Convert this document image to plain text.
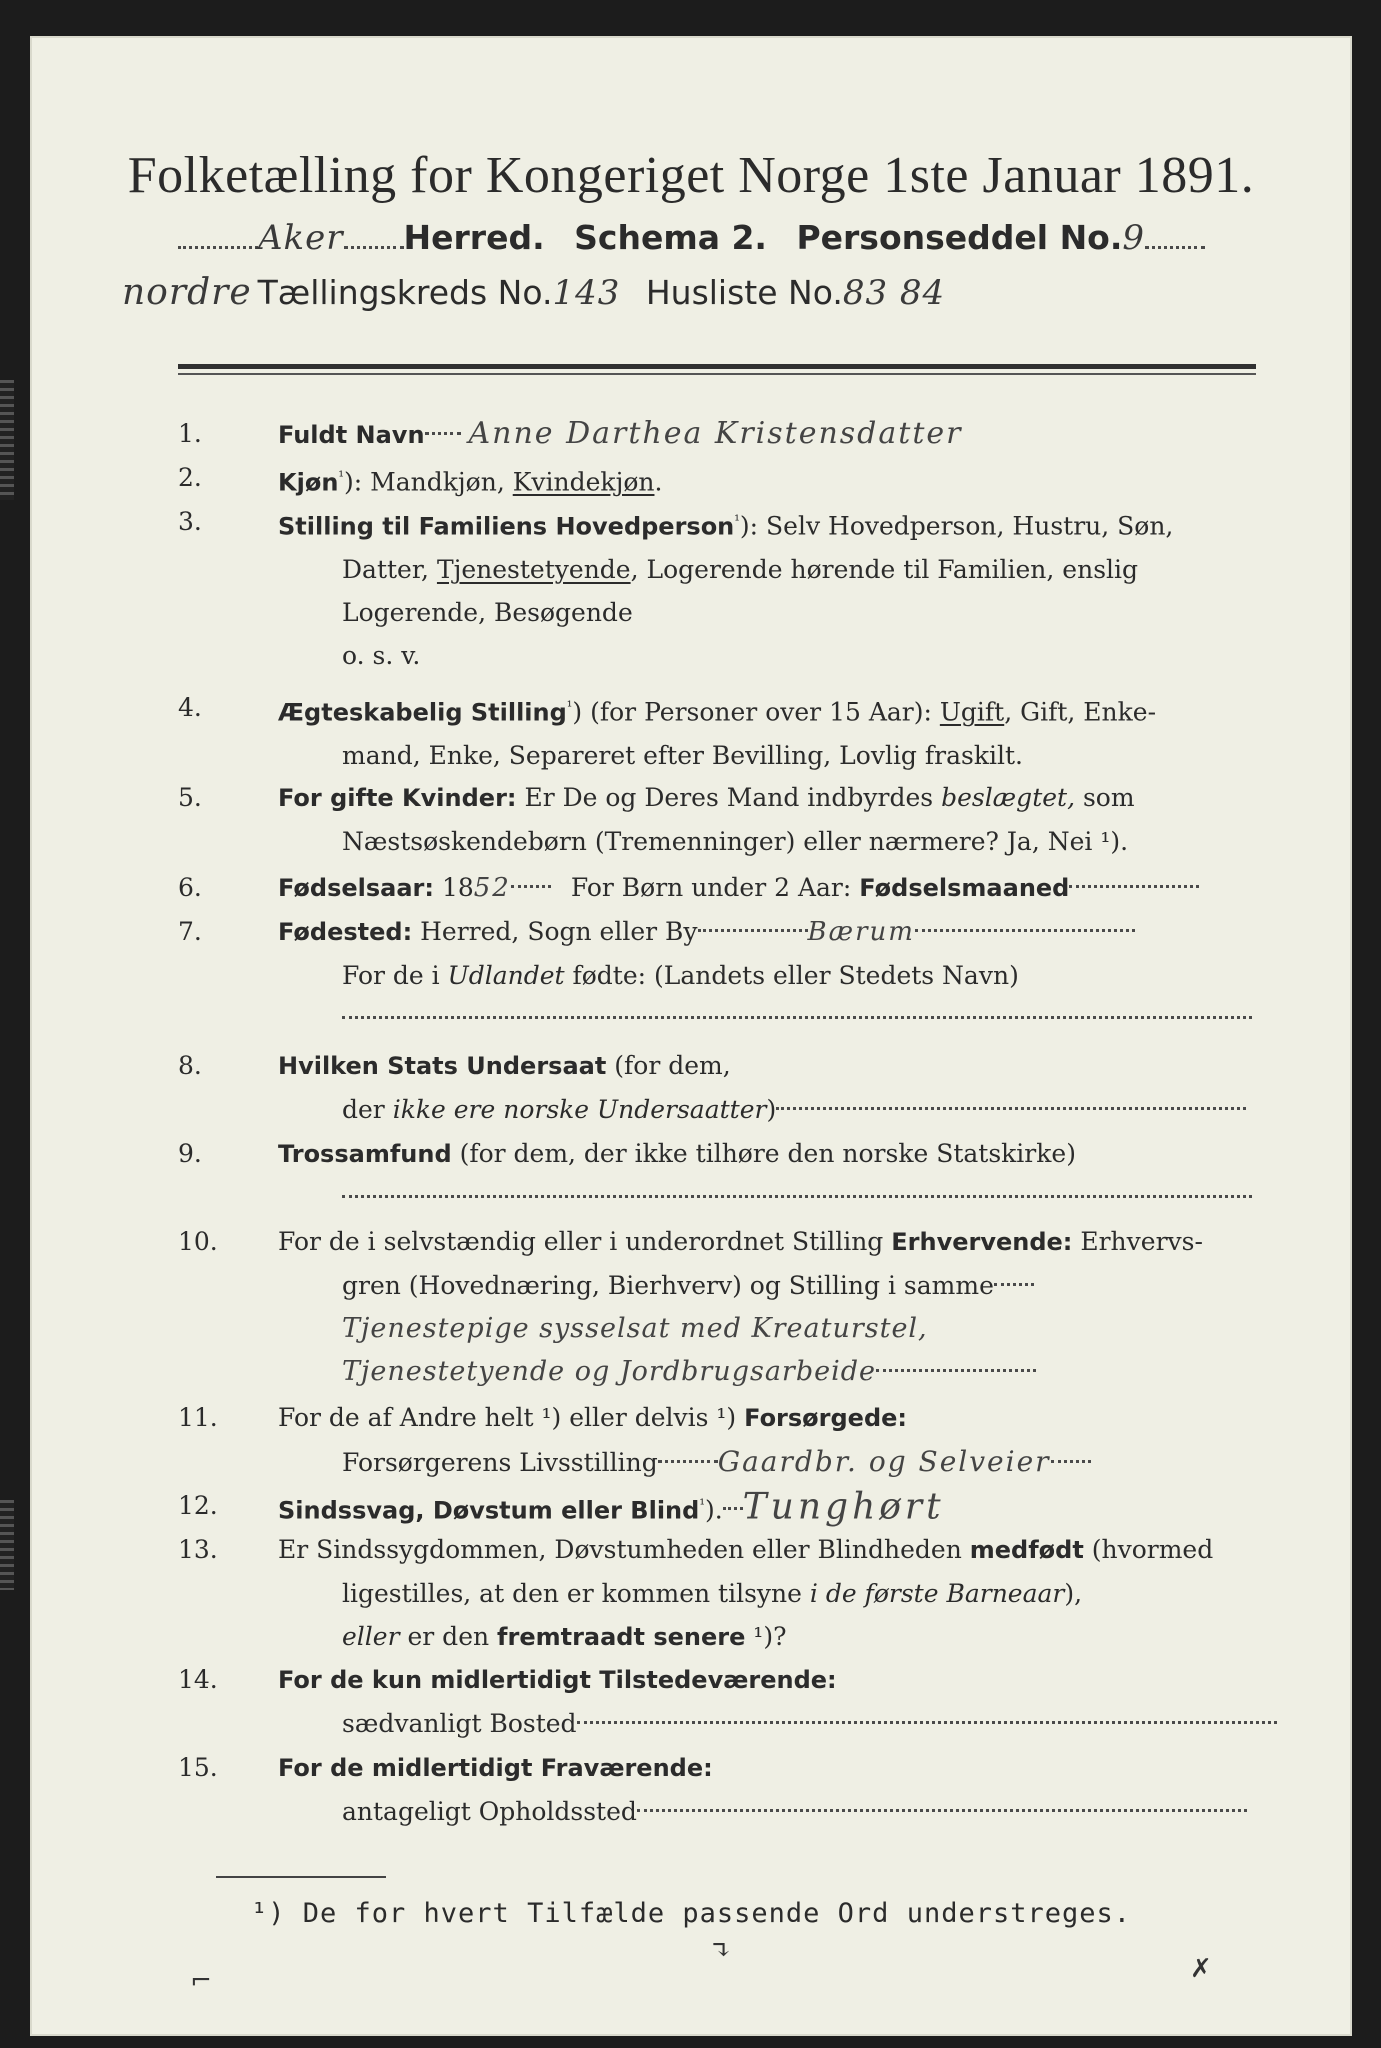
Folketælling for Kongeriget Norge 1ste Januar 1891.
Aker Herred. Schema 2. Personseddel No.9
nordre Tællingskreds No.143 Husliste No.83 84
1.	Fuldt Navn Anne Darthea Kristensdatter
2.	Kjøn$^{^1}$): Mandkjøn, Kvindekjøn.
3.	Stilling til Familiens Hovedperson$^{^1}$): Selv Hovedperson, Hustru, Søn,
Datter, Tjenestetyende, Logerende hørende til Familien, enslig
Logerende, Besøgende
o. s. v.
4.	Ægteskabelig Stilling$^{^1}$) (for Personer over 15 Aar): Ugift, Gift, Enke-
mand, Enke, Separeret efter Bevilling, Lovlig fraskilt.
5.	For gifte Kvinder: Er De og Deres Mand indbyrdes beslægtet, som
Næstsøskendebørn (Tremenninger) eller nærmere? Ja, Nei ¹).
6.	Fødselsaar: 1852 For Børn under 2 Aar: Fødselsmaaned
7.	Fødested: Herred, Sogn eller By	Bærum
For de i Udlandet fødte: (Landets eller Stedets Navn)
8.	Hvilken Stats Undersaat (for dem,
der ikke ere norske Undersaatter)
9.	Trossamfund (for dem, der ikke tilhøre den norske Statskirke)
10.	For de i selvstændig eller i underordnet Stilling Erhvervende: Erhvervs-
gren (Hovednæring, Bierhverv) og Stilling i samme
Tjenestepige sysselsat med Kreaturstel,
Tjenestetyende og Jordbrugsarbeide
11.	For de af Andre helt ¹) eller delvis ¹) Forsørgede:
Forsørgerens Livsstilling Gaardbr. og Selveier
12.	Sindssvag, Døvstum eller Blind$^{^1}$). Tunghørt
13.	Er Sindssygdommen, Døvstumheden eller Blindheden medfødt (hvormed
ligestilles, at den er kommen tilsyne i de første Barneaar),
eller er den fremtraadt senere ¹)?
14.	For de kun midlertidigt Tilstedeværende:
sædvanligt Bosted
15.	For de midlertidigt Fraværende:
antageligt Opholdssted
¹) De for hvert Tilfælde passende Ord understreges.
⌐
↴
✗
